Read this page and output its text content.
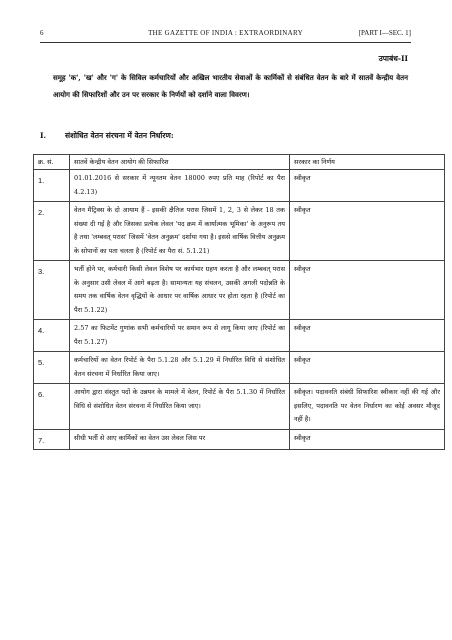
6	THE GAZETTE OF INDIA : EXTRAORDINARY	[PART I—SEC. 1]
उपाबंध-II
समूह 'क', 'ख' और 'ग' के सिविल कर्मचारियों और अखिल भारतीय सेवाओं के कार्मिकों से संबंधित वेतन के बारे में सातवें केन्द्रीय वेतन आयोग की सिफारिशों और उन पर सरकार के निर्णयों को दर्शाने वाला विवरण।
I.	संशोधित वेतन संरचना में वेतन निर्धारण:
क्र. सं.	सातवें केन्द्रीय वेतन आयोग की सिफारिश	सरकार का निर्णय
1.	01.01.2016 से सरकार में न्यूनतम वेतन 18000 रुपए प्रति माह (रिपोर्ट का पैरा 4.2.13)	स्वीकृत
2.	वेतन मैट्रिक्स के दो आयाम हैं - इसकी क्षैतिज परास जिसमें 1, 2, 3 से लेकर 18 तक संख्या दी गई है और जिसका प्रत्येक लेवल 'पद क्रम में कार्यात्मक भूमिका' के अनुरूप तय है तथा 'लम्बवत् परास' जिसमें 'वेतन अनुक्रम' दर्शाया गया है। इससे वार्षिक वित्तीय अनुक्रम के सोपानों का पता चलता है (रिपोर्ट का पैरा सं. 5.1.21)	स्वीकृत
3.	भर्ती होने पर, कर्मचारी किसी लेवल विशेष पर कार्यभार ग्रहण करता है और लम्बवत् परास के अनुसार उसी लेवल में आगे बढ़ता है। सामान्यतः यह संचलन, उसकी अगली पदोन्नति के समय तक वार्षिक वेतन वृद्धियों के आधार पर वार्षिक आधार पर होता रहता है (रिपोर्ट का पैरा 5.1.22)	स्वीकृत
4.	2.57 का फिटमेंट गुणांक सभी कर्मचारियों पर समान रूप से लागू किया जाए (रिपोर्ट का पैरा 5.1.27)	स्वीकृत
5.	कर्मचारियों का वेतन रिपोर्ट के पैरा 5.1.28 और 5.1.29 में निर्धारित विधि से संशोधित वेतन संरचना में निर्धारित किया जाए।	स्वीकृत
6.	आयोग द्वारा संस्तुत पदों के उन्नयन के मामले में वेतन, रिपोर्ट के पैरा 5.1.30 में निर्धारित विधि से संशोधित वेतन संरचना में निर्धारित किया जाए।	स्वीकृत। पदावनति संबंधी सिफारिश स्वीकार नहीं की गई और इसलिए, पदावनति पर वेतन निर्धारण का कोई अवसर मौजूद नहीं है।
7.	सीधी भर्ती से आए कार्मिकों का वेतन उस लेवल जिस पर	स्वीकृत
